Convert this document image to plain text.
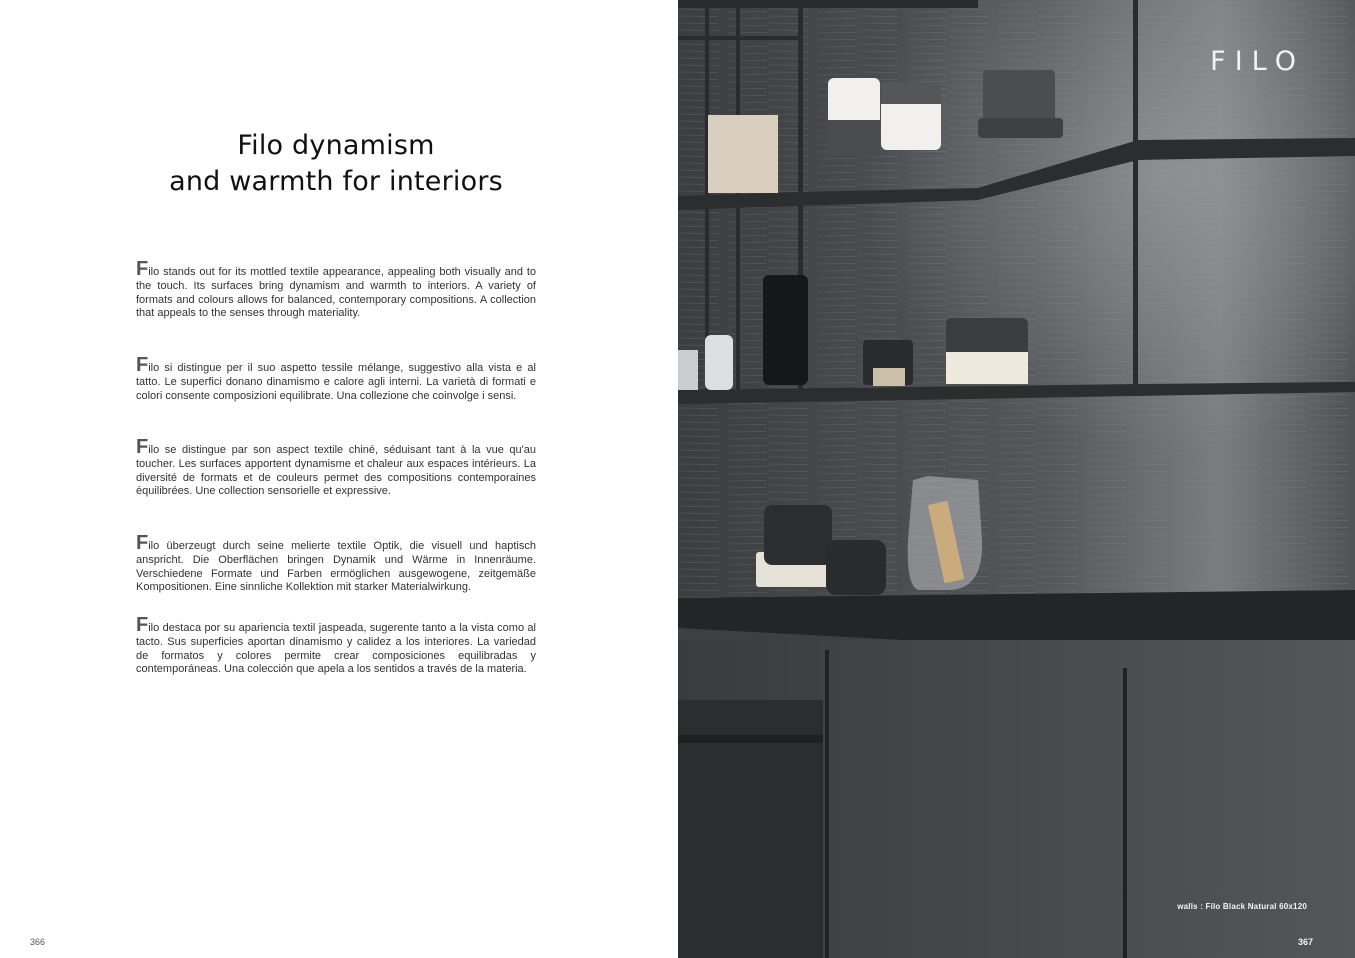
Filo dynamism
and warmth for interiors

Filo stands out for its mottled textile appearance, appealing both visually and to the touch. Its surfaces bring dynamism and warmth to interiors. A variety of formats and colours allows for balanced, contemporary compositions. A collection that appeals to the senses through materiality.

Filo si distingue per il suo aspetto tessile mélange, suggestivo alla vista e al tatto. Le superfici donano dinamismo e calore agli interni. La varietà di formati e colori consente composizioni equilibrate. Una collezione che coinvolge i sensi.

Filo se distingue par son aspect textile chiné, séduisant tant à la vue qu'au toucher. Les surfaces apportent dynamisme et chaleur aux espaces intérieurs. La diversité de formats et de couleurs permet des compositions contemporaines équilibrées. Une collection sensorielle et expressive.

Filo überzeugt durch seine melierte textile Optik, die visuell und haptisch anspricht. Die Oberflächen bringen Dynamik und Wärme in Innenräume. Verschiedene Formate und Farben ermöglichen ausgewogene, zeitgemäße Kompositionen. Eine sinnliche Kollektion mit starker Materialwirkung.

Filo destaca por su apariencia textil jaspeada, sugerente tanto a la vista como al tacto. Sus superficies aportan dinamismo y calidez a los interiores. La variedad de formatos y colores permite crear composiciones equilibradas y contemporáneas. Una colección que apela a los sentidos a través de la materia.

366
FILO
walls : Filo Black Natural 60x120
367
